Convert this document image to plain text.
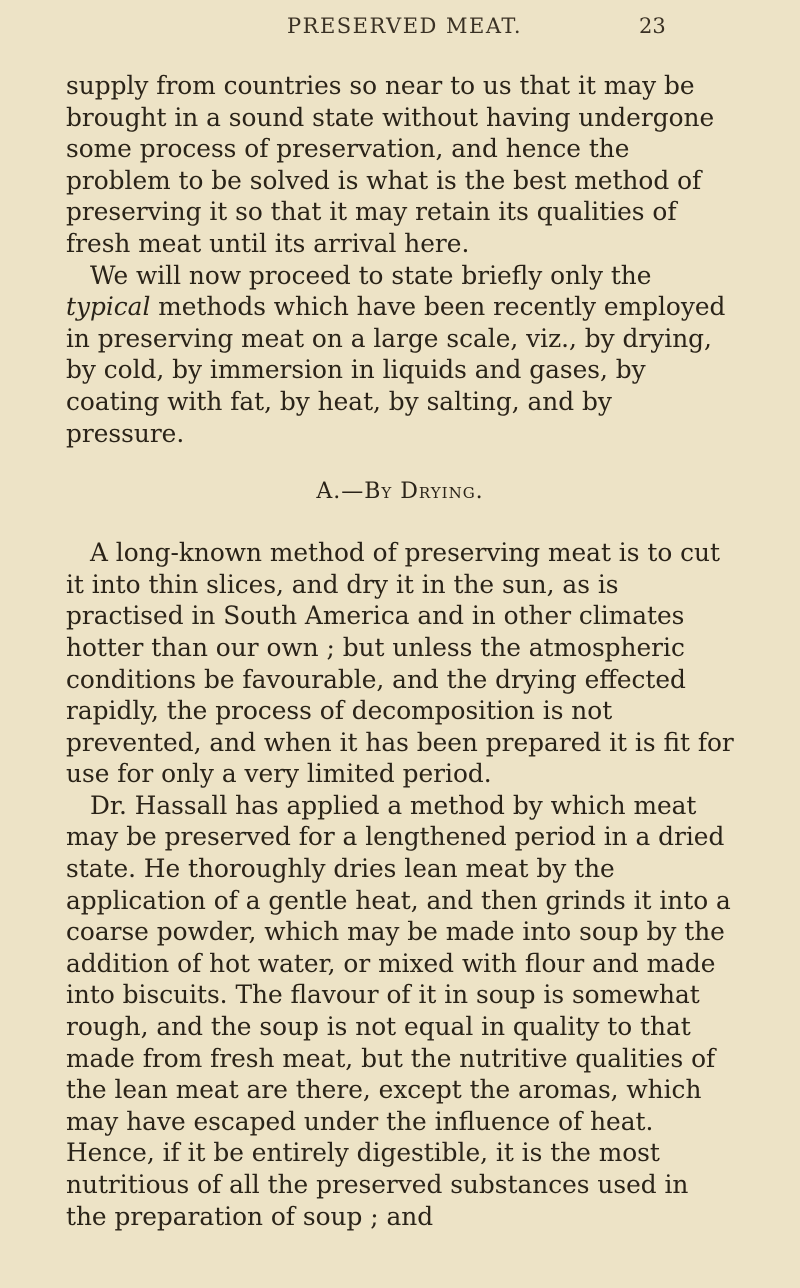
PRESERVED MEAT.	23

supply from countries so near to us that it may be brought in a sound state without having undergone some process of preservation, and hence the problem to be solved is what is the best method of preserving it so that it may retain its qualities of fresh meat until its arrival here.

We will now proceed to state briefly only the typical methods which have been recently employed in preserving meat on a large scale, viz., by drying, by cold, by immersion in liquids and gases, by coating with fat, by heat, by salting, and by pressure.

A.—By Drying.

A long-known method of preserving meat is to cut it into thin slices, and dry it in the sun, as is practised in South America and in other climates hotter than our own ; but unless the atmospheric conditions be favourable, and the drying effected rapidly, the process of decomposition is not prevented, and when it has been prepared it is fit for use for only a very limited period.

Dr. Hassall has applied a method by which meat may be preserved for a lengthened period in a dried state. He thoroughly dries lean meat by the application of a gentle heat, and then grinds it into a coarse powder, which may be made into soup by the addition of hot water, or mixed with flour and made into biscuits. The flavour of it in soup is somewhat rough, and the soup is not equal in quality to that made from fresh meat, but the nutritive qualities of the lean meat are there, except the aromas, which may have escaped under the influence of heat. Hence, if it be entirely digestible, it is the most nutritious of all the preserved substances used in the preparation of soup ; and
